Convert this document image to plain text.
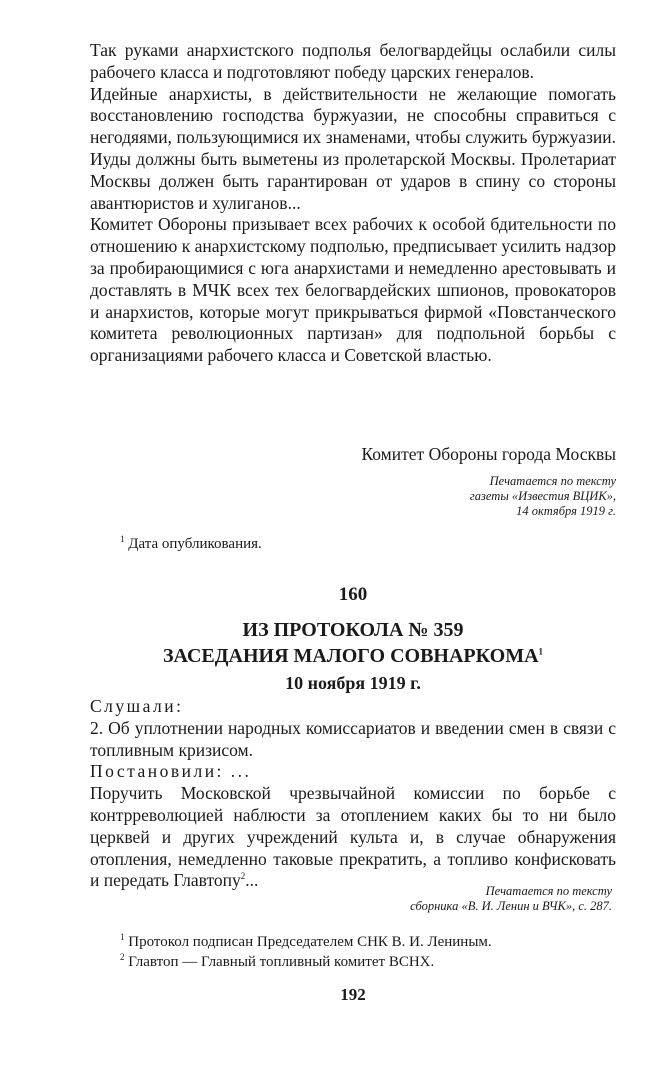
Так руками анархистского подполья белогвардейцы ослабили силы рабочего класса и подготовляют победу царских генералов.

Идейные анархисты, в действительности не желающие помогать восстановлению господства буржуазии, не способны справиться с негодяями, пользующимися их знаменами, чтобы служить буржуазии. Иуды должны быть выметены из пролетарской Москвы. Пролетариат Москвы должен быть гарантирован от ударов в спину со стороны авантюристов и хулиганов...

Комитет Обороны призывает всех рабочих к особой бдительности по отношению к анархистскому подполью, предписывает усилить надзор за пробирающимися с юга анархистами и немедленно арестовывать и доставлять в МЧК всех тех белогвардейских шпионов, провокаторов и анархистов, которые могут прикрываться фирмой «Повстанческого комитета революционных партизан» для подпольной борьбы с организациями рабочего класса и Советской властью.

Комитет Обороны города Москвы
Печатается по тексту
газеты «Известия ВЦИК»,
14 октября 1919 г.
$^1$ Дата опубликования.
160
ИЗ ПРОТОКОЛА № 359
ЗАСЕДАНИЯ МАЛОГО СОВНАРКОМА$^1$
10 ноября 1919 г.

Слушали:

2. Об уплотнении народных комиссариатов и введении смен в связи с топливным кризисом.

Постановили: ...

Поручить Московской чрезвычайной комиссии по борьбе с контрреволюцией наблюсти за отоплением каких бы то ни было церквей и других учреждений культа и, в случае обнаружения отопления, немедленно таковые прекратить, а топливо конфисковать и передать Главтопу$^2$...

Печатается по тексту
сборника «В. И. Ленин и ВЧК», с. 287.
$^1$ Протокол подписан Председателем СНК В. И. Лениным.
$^2$ Главтоп — Главный топливный комитет ВСНХ.
192
